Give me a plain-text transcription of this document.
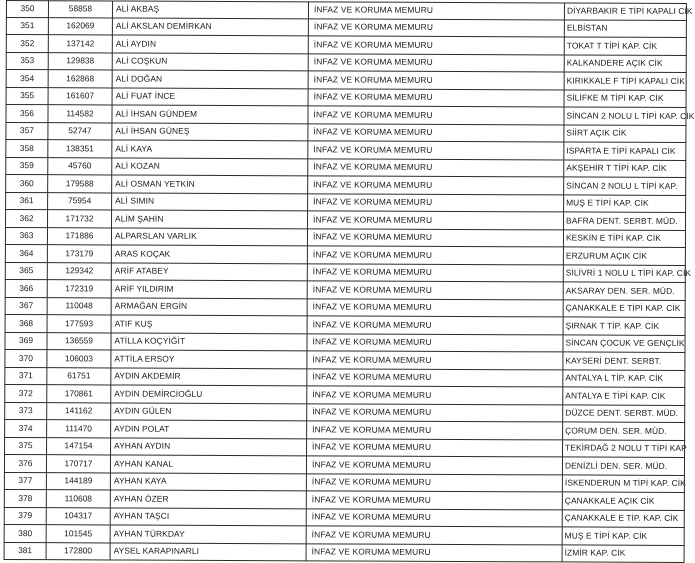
350	58858	ALİ AKBAŞ	İNFAZ VE KORUMA MEMURU	DİYARBAKIR E TİPİ KAPALI CİK
351	162069	ALİ AKSLAN DEMİRKAN	İNFAZ VE KORUMA MEMURU	ELBİSTAN
352	137142	ALİ AYDIN	İNFAZ VE KORUMA MEMURU	TOKAT T TİPİ KAP. CİK
353	129838	ALİ COŞKUN	İNFAZ VE KORUMA MEMURU	KALKANDERE AÇIK CİK
354	162868	ALİ DOĞAN	İNFAZ VE KORUMA MEMURU	KIRIKKALE F TİPİ KAPALI CİK
355	161607	ALİ FUAT İNCE	İNFAZ VE KORUMA MEMURU	SİLİFKE M TİPİ KAP. CİK
356	114582	ALİ İHSAN GÜNDEM	İNFAZ VE KORUMA MEMURU	SİNCAN 2 NOLU L TİPİ KAP. CİK
357	52747	ALİ İHSAN GÜNEŞ	İNFAZ VE KORUMA MEMURU	SİİRT AÇIK CİK
358	138351	ALİ KAYA	İNFAZ VE KORUMA MEMURU	ISPARTA E TİPİ KAPALI CİK
359	45760	ALİ KOZAN	İNFAZ VE KORUMA MEMURU	AKŞEHİR T TİPİ KAP. CİK
360	179588	ALİ OSMAN YETKİN	İNFAZ VE KORUMA MEMURU	SİNCAN 2 NOLU L TİPİ KAP.
361	75954	ALİ SIMIN	İNFAZ VE KORUMA MEMURU	MUŞ E TİPİ KAP. CİK
362	171732	ALİM ŞAHİN	İNFAZ VE KORUMA MEMURU	BAFRA DENT. SERBT. MÜD.
363	171886	ALPARSLAN VARLIK	İNFAZ VE KORUMA MEMURU	KESKİN E TİPİ KAP. CİK
364	173179	ARAS KOÇAK	İNFAZ VE KORUMA MEMURU	ERZURUM AÇIK CİK
365	129342	ARİF ATABEY	İNFAZ VE KORUMA MEMURU	SİLİVRİ 1 NOLU L TİPİ KAP. CİK
366	172319	ARİF YILDIRIM	İNFAZ VE KORUMA MEMURU	AKSARAY DEN. SER. MÜD.
367	110048	ARMAĞAN ERGİN	İNFAZ VE KORUMA MEMURU	ÇANAKKALE E TİPİ KAP. CİK
368	177593	ATIF KUŞ	İNFAZ VE KORUMA MEMURU	ŞIRNAK T TİP. KAP. CİK
369	136559	ATİLLA KOÇYİĞİT	İNFAZ VE KORUMA MEMURU	SİNCAN ÇOCUK VE GENÇLİK
370	106003	ATTİLA ERSOY	İNFAZ VE KORUMA MEMURU	KAYSERİ DENT. SERBT.
371	61751	AYDIN AKDEMİR	İNFAZ VE KORUMA MEMURU	ANTALYA L TİP. KAP. CİK
372	170861	AYDIN DEMİRCİOĞLU	İNFAZ VE KORUMA MEMURU	ANTALYA E TİPİ KAP. CİK
373	141162	AYDIN GÜLEN	İNFAZ VE KORUMA MEMURU	DÜZCE DENT. SERBT. MÜD.
374	111470	AYDIN POLAT	İNFAZ VE KORUMA MEMURU	ÇORUM DEN. SER. MÜD.
375	147154	AYHAN AYDIN	İNFAZ VE KORUMA MEMURU	TEKİRDAĞ 2 NOLU T TİPİ KAP
376	170717	AYHAN KANAL	İNFAZ VE KORUMA MEMURU	DENİZLİ DEN. SER. MÜD.
377	144189	AYHAN KAYA	İNFAZ VE KORUMA MEMURU	İSKENDERUN M TİPİ KAP. CİK
378	110608	AYHAN ÖZER	İNFAZ VE KORUMA MEMURU	ÇANAKKALE AÇIK CİK
379	104317	AYHAN TAŞCI	İNFAZ VE KORUMA MEMURU	ÇANAKKALE E TİP. KAP. CİK
380	101545	AYHAN TÜRKDAY	İNFAZ VE KORUMA MEMURU	MUŞ E TİPİ KAP. CİK
381	172800	AYSEL KARAPINARLI	İNFAZ VE KORUMA MEMURU	İZMİR KAP. CİK
